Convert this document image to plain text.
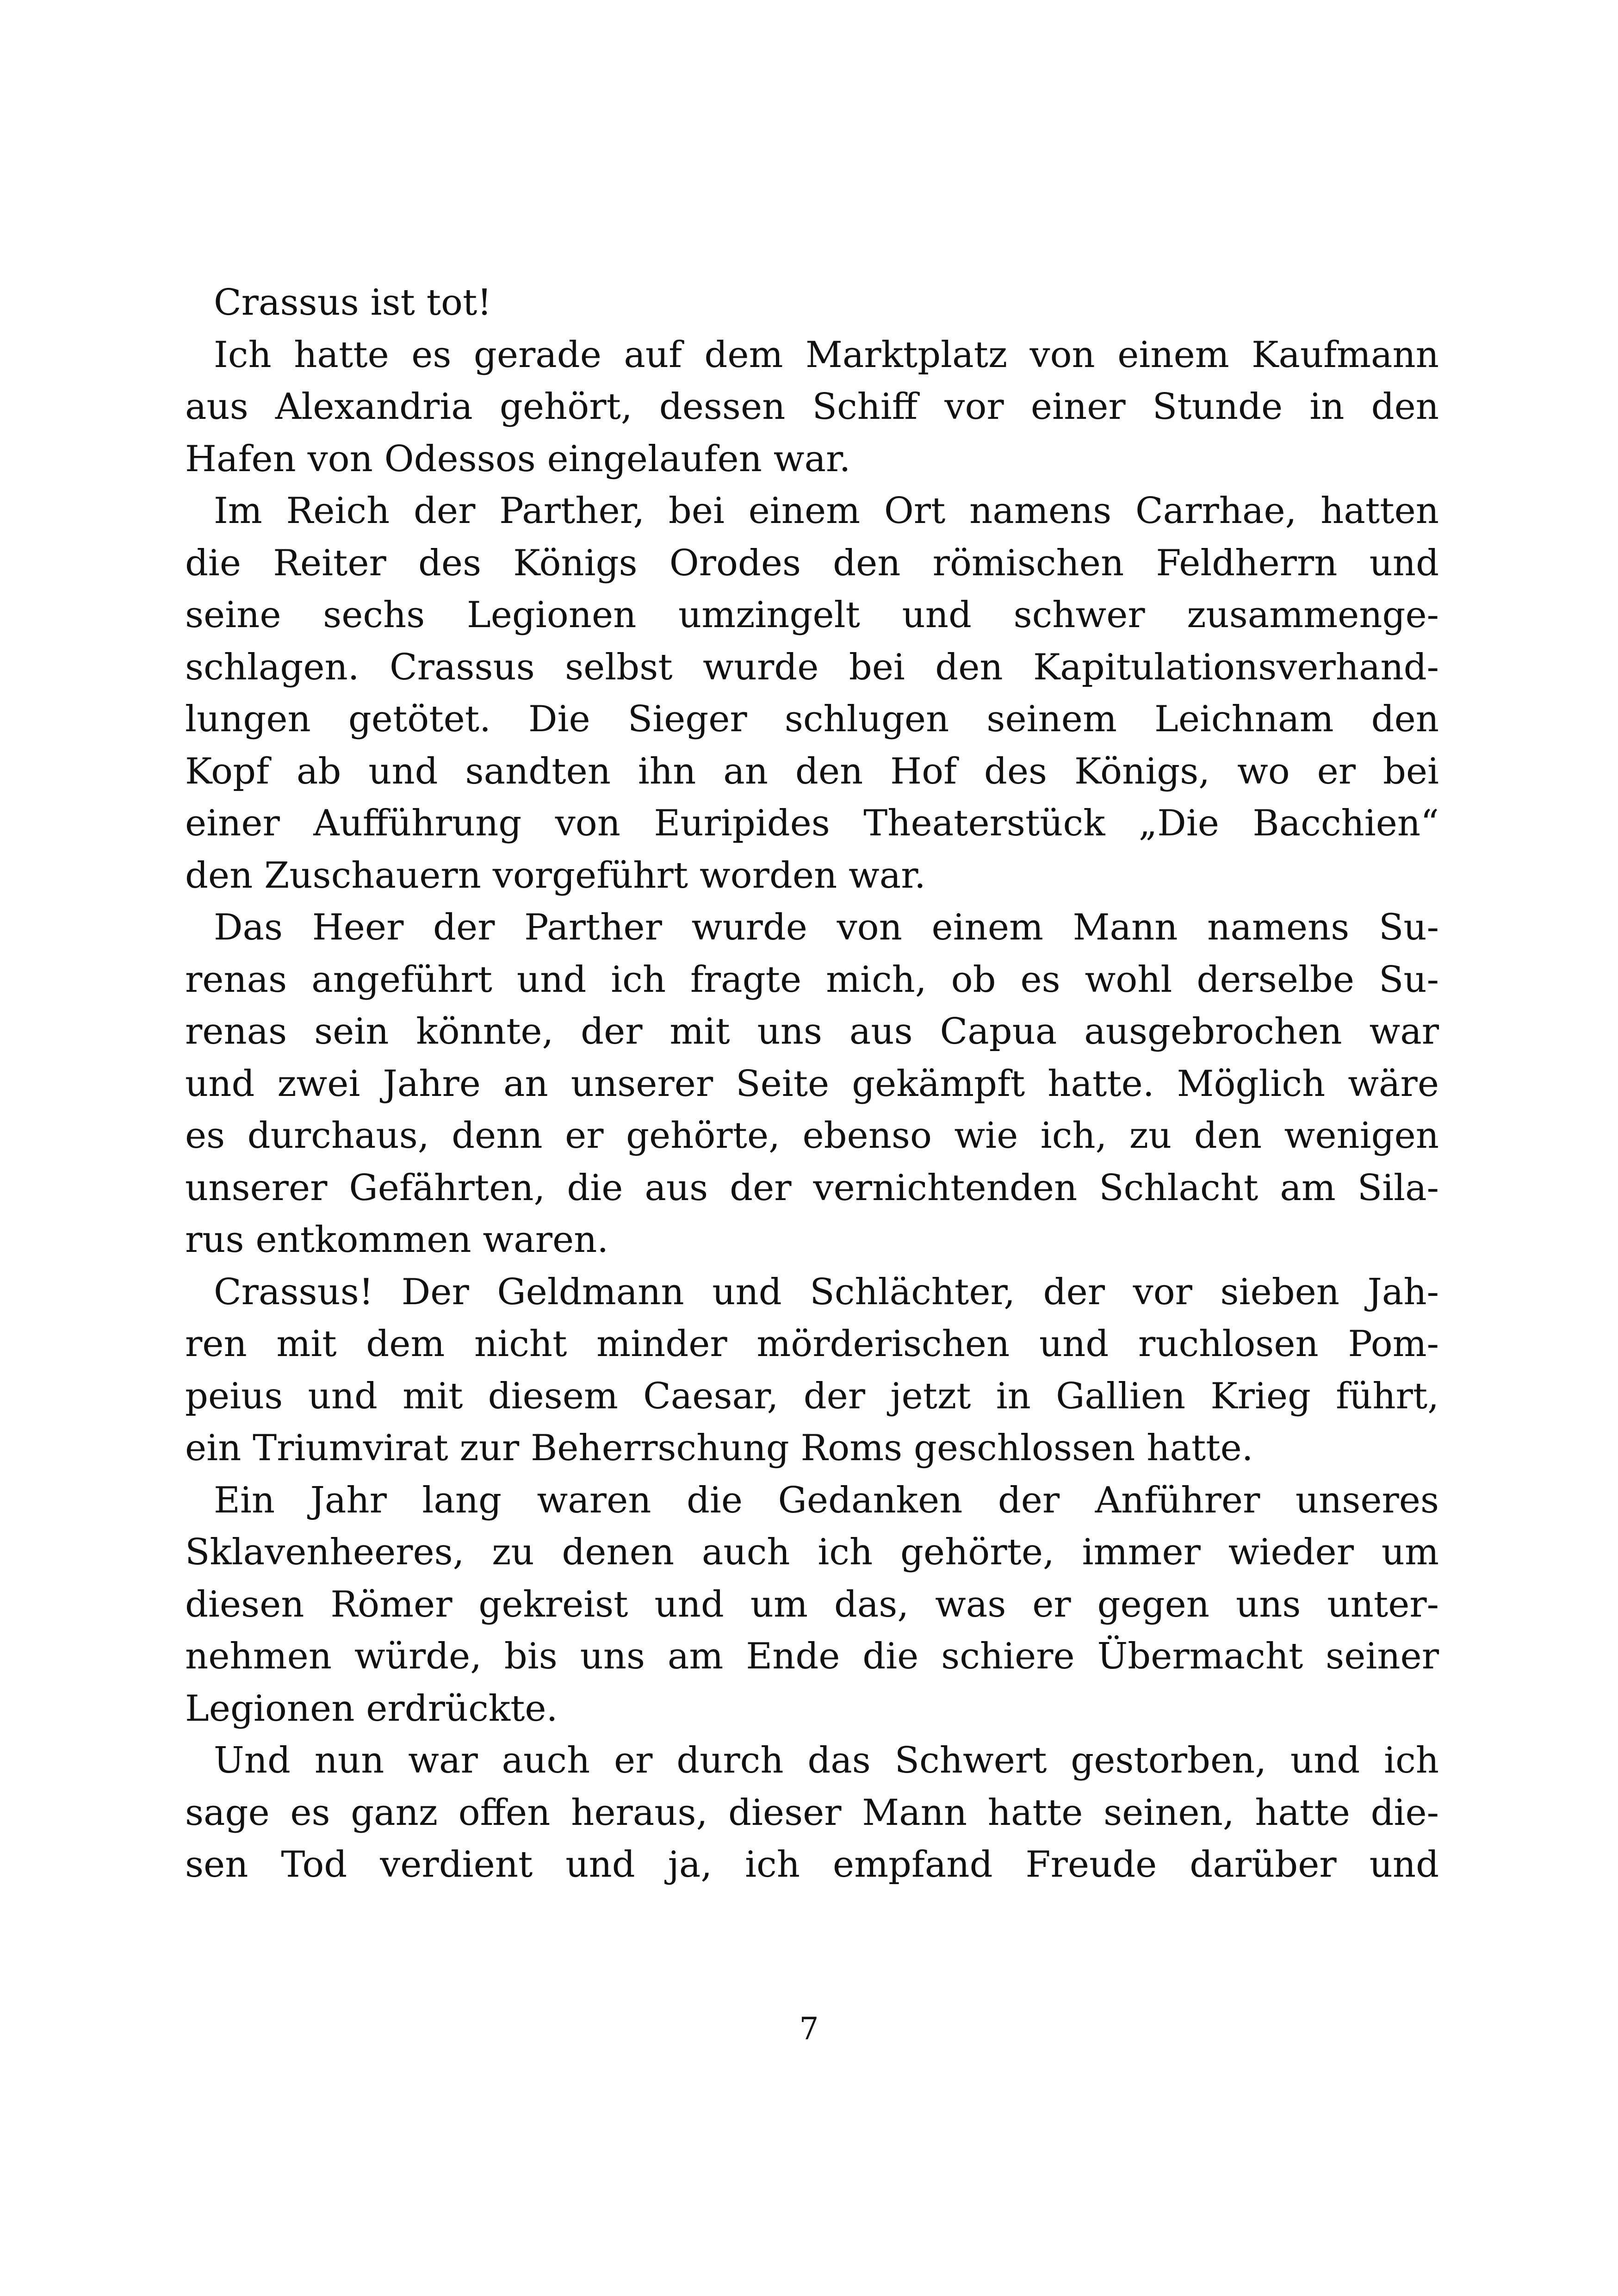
Crassus ist tot!
Ich hatte es gerade auf dem Marktplatz von einem Kaufmann
aus Alexandria gehört, dessen Schiff vor einer Stunde in den
Hafen von Odessos eingelaufen war.
Im Reich der Parther, bei einem Ort namens Carrhae, hatten
die Reiter des Königs Orodes den römischen Feldherrn und
seine sechs Legionen umzingelt und schwer zusammenge-
schlagen. Crassus selbst wurde bei den Kapitulationsverhand-
lungen getötet. Die Sieger schlugen seinem Leichnam den
Kopf ab und sandten ihn an den Hof des Königs, wo er bei
einer Aufführung von Euripides Theaterstück „Die Bacchien“
den Zuschauern vorgeführt worden war.
Das Heer der Parther wurde von einem Mann namens Su-
renas angeführt und ich fragte mich, ob es wohl derselbe Su-
renas sein könnte, der mit uns aus Capua ausgebrochen war
und zwei Jahre an unserer Seite gekämpft hatte. Möglich wäre
es durchaus, denn er gehörte, ebenso wie ich, zu den wenigen
unserer Gefährten, die aus der vernichtenden Schlacht am Sila-
rus entkommen waren.
Crassus! Der Geldmann und Schlächter, der vor sieben Jah-
ren mit dem nicht minder mörderischen und ruchlosen Pom-
peius und mit diesem Caesar, der jetzt in Gallien Krieg führt,
ein Triumvirat zur Beherrschung Roms geschlossen hatte.
Ein Jahr lang waren die Gedanken der Anführer unseres
Sklavenheeres, zu denen auch ich gehörte, immer wieder um
diesen Römer gekreist und um das, was er gegen uns unter-
nehmen würde, bis uns am Ende die schiere Übermacht seiner
Legionen erdrückte.
Und nun war auch er durch das Schwert gestorben, und ich
sage es ganz offen heraus, dieser Mann hatte seinen, hatte die-
sen Tod verdient und ja, ich empfand Freude darüber und
7
